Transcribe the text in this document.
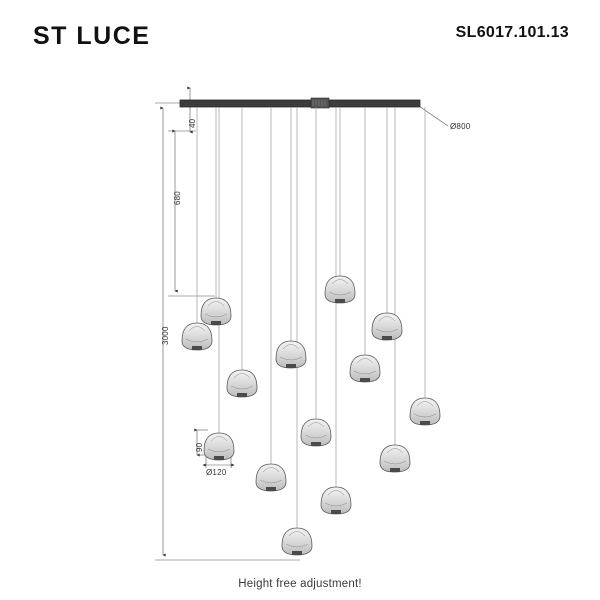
ST LUCE	SL6017.101.13
40	Ø800
680
3000
90
Ø120
Height free adjustment!
